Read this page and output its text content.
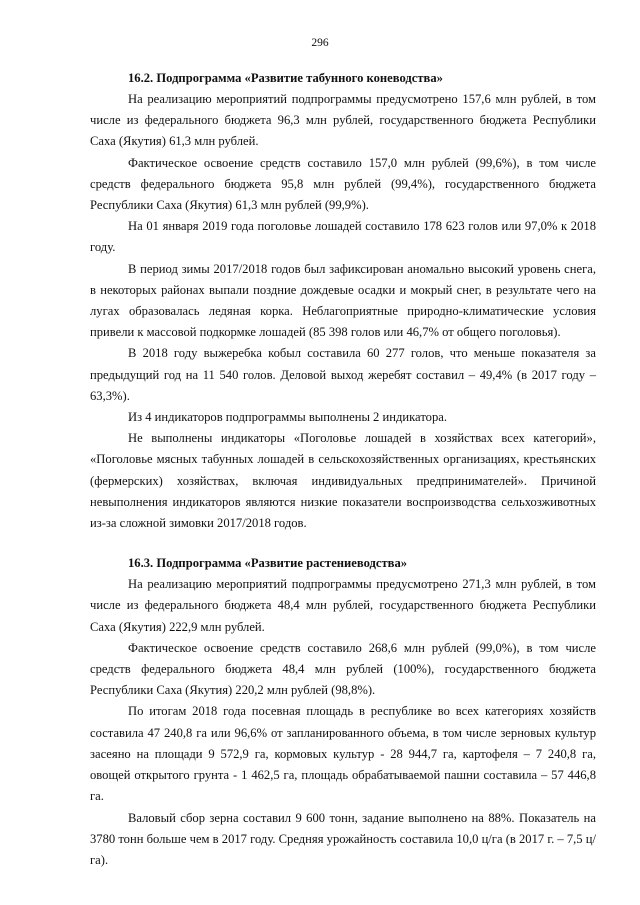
296

16.2. Подпрограмма «Развитие табунного коневодства»

На реализацию мероприятий подпрограммы предусмотрено 157,6 млн рублей, в том числе из федерального бюджета 96,3 млн рублей, государственного бюджета Республики Саха (Якутия) 61,3 млн рублей.

Фактическое освоение средств составило 157,0 млн рублей (99,6%), в том числе средств федерального бюджета 95,8 млн рублей (99,4%), государственного бюджета Республики Саха (Якутия) 61,3 млн рублей (99,9%).

На 01 января 2019 года поголовье лошадей составило 178 623 голов или 97,0% к 2018 году.

В период зимы 2017/2018 годов был зафиксирован аномально высокий уровень снега, в некоторых районах выпали поздние дождевые осадки и мокрый снег, в результате чего на лугах образовалась ледяная корка. Неблагоприятные природно-климатические условия привели к массовой подкормке лошадей (85 398 голов или 46,7% от общего поголовья).

В 2018 году выжеребка кобыл составила 60 277 голов, что меньше показателя за предыдущий год на 11 540 голов. Деловой выход жеребят составил – 49,4% (в 2017 году – 63,3%).

Из 4 индикаторов подпрограммы выполнены 2 индикатора.

Не выполнены индикаторы «Поголовье лошадей в хозяйствах всех категорий», «Поголовье мясных табунных лошадей в сельскохозяйственных организациях, крестьянских (фермерских) хозяйствах, включая индивидуальных предпринимателей». Причиной невыполнения индикаторов являются низкие показатели воспроизводства сельхозживотных из-за сложной зимовки 2017/2018 годов.

16.3. Подпрограмма «Развитие растениеводства»

На реализацию мероприятий подпрограммы предусмотрено 271,3 млн рублей, в том числе из федерального бюджета 48,4 млн рублей, государственного бюджета Республики Саха (Якутия) 222,9 млн рублей.

Фактическое освоение средств составило 268,6 млн рублей (99,0%), в том числе средств федерального бюджета 48,4 млн рублей (100%), государственного бюджета Республики Саха (Якутия) 220,2 млн рублей (98,8%).

По итогам 2018 года посевная площадь в республике во всех категориях хозяйств составила 47 240,8 га или 96,6% от запланированного объема, в том числе зерновых культур засеяно на площади 9 572,9 га, кормовых культур - 28 944,7 га, картофеля – 7 240,8 га, овощей открытого грунта - 1 462,5 га, площадь обрабатываемой пашни составила – 57 446,8 га.

Валовый сбор зерна составил 9 600 тонн, задание выполнено на 88%. Показатель на 3780 тонн больше чем в 2017 году. Средняя урожайность составила 10,0 ц/га (в 2017 г. – 7,5 ц/га).
